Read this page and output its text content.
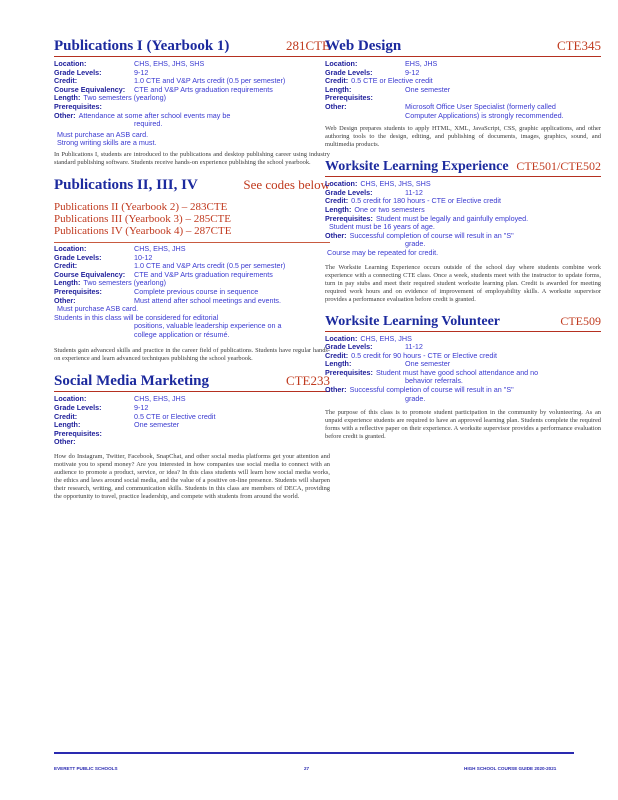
Publications I (Yearbook 1)	281CTE
Location:	CHS, EHS, JHS, SHS
Grade Levels:	9-12
Credit:	1.0 CTE and V&P Arts credit (0.5 per semester)
Course Equivalency:	CTE and V&P Arts graduation requirements
Length: Two semesters (yearlong)
Prerequisites:
Other: Attendance at some after school events may be
required.
Must purchase an ASB card.
Strong writing skills are a must.
In Publications I, students are introduced to the publications and desktop publishing career using industry standard publishing software. Students receive hands-on experience publishing the school yearbook.
Publications II, III, IV	See codes below
Publications II (Yearbook 2) – 283CTE
Publications III (Yearbook 3) – 285CTE
Publications IV (Yearbook 4) – 287CTE
Location:	CHS, EHS, JHS
Grade Levels:	10-12
Credit:	1.0 CTE and V&P Arts credit (0.5 per semester)
Course Equivalency:	CTE and V&P Arts graduation requirements
Length: Two semesters (yearlong)
Prerequisites:	Complete previous course in sequence
Other:	Must attend after school meetings and events.
Must purchase ASB card.
Students in this class will be considered for editorial
positions, valuable leadership experience on a
college application or résumé.
Students gain advanced skills and practice in the career field of publications. Students have regular hands-on experience and learn advanced techniques publishing the school yearbook.
Social Media Marketing	CTE233
Location:	CHS, EHS, JHS
Grade Levels:	9-12
Credit:	0.5 CTE or Elective credit
Length:	One semester
Prerequisites:
Other:
How do Instagram, Twitter, Facebook, SnapChat, and other social media platforms get your attention and motivate you to spend money? Are you interested in how companies use social media to connect with an audience to promote a product, service, or idea? In this class students will learn how social media works, the ethics and laws around social media, and the value of a positive on-line presence. Students will sharpen their research, writing, and communication skills. Students in this class are members of DECA, providing the opportunity to travel, practice leadership, and compete with students from around the world.
Web Design	CTE345
Location:	EHS, JHS
Grade Levels:	9-12
Credit: 0.5 CTE or Elective credit
Length:	One semester
Prerequisites:
Other:	Microsoft Office User Specialist (formerly called
Computer Applications) is strongly recommended.
Web Design prepares students to apply HTML, XML, JavaScript, CSS, graphic applications, and other authoring tools to the design, editing, and publishing of documents, images, graphics, sound, and multimedia products.
Worksite Learning Experience CTE501/CTE502
Location: CHS, EHS, JHS, SHS
Grade Levels:	11-12
Credit: 0.5 credit for 180 hours - CTE or Elective credit
Length: One or two semesters
Prerequisites: Student must be legally and gainfully employed.
Student must be 16 years of age.
Other: Successful completion of course will result in an "S"
grade.
Course may be repeated for credit.
The Worksite Learning Experience occurs outside of the school day where students combine work experience with a connecting CTE class. Once a week, students meet with the instructor to update forms, turn in pay stubs and meet their required student worksite learning plan. Credit is awarded for meeting required work hours and on evidence of improvement of employability skills. A worksite supervisor provides a performance evaluation before credit is granted.
Worksite Learning Volunteer	CTE509
Location: CHS, EHS, JHS
Grade Levels:	11-12
Credit: 0.5 credit for 90 hours - CTE or Elective credit
Length:	One semester
Prerequisites: Student must have good school attendance and no
behavior referrals.
Other: Successful completion of course will result in an "S"
grade.
The purpose of this class is to promote student participation in the community by volunteering. As an unpaid experience students are required to have an approved learning plan. Students complete the required forms with a reflective paper on their experience. A worksite supervisor provides a performance evaluation before credit is granted.
EVERETT PUBLIC SCHOOLS	27	HIGH SCHOOL COURSE GUIDE 2020-2021
